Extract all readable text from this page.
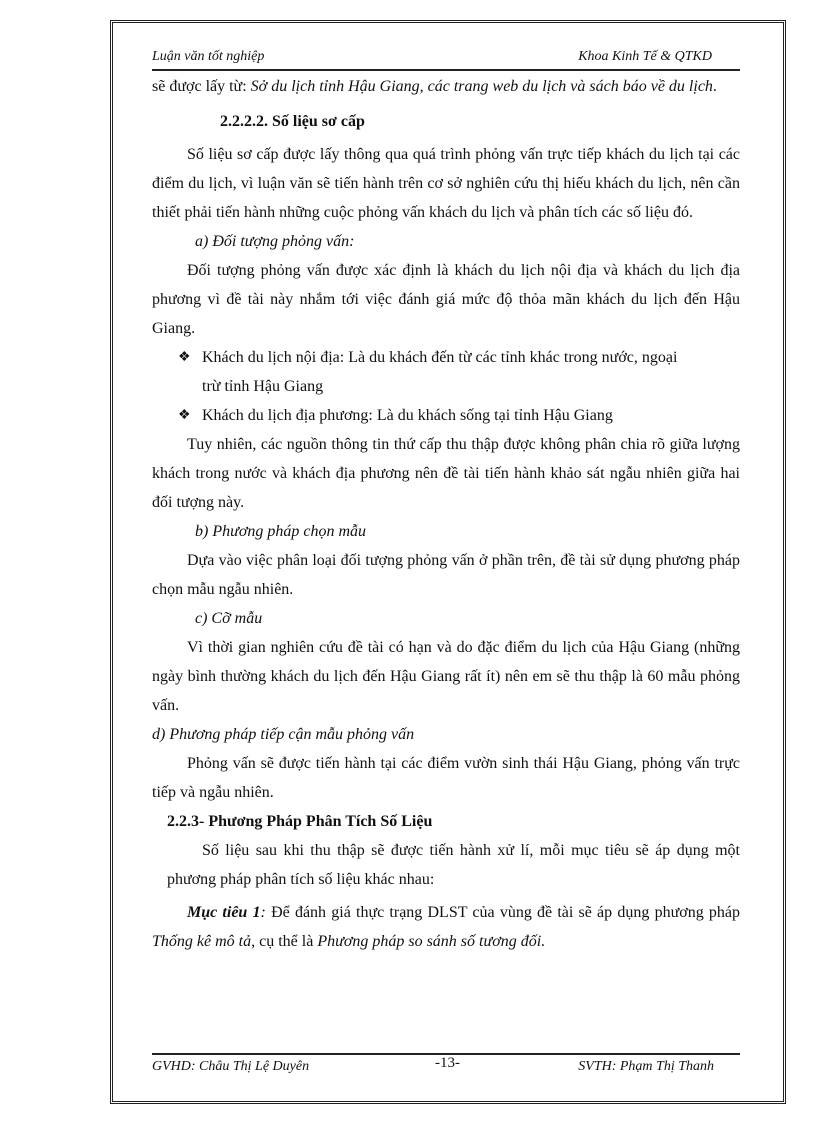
Luận văn tốt nghiệp	Khoa Kinh Tế & QTKD

sẽ được lấy từ: Sở du lịch tỉnh Hậu Giang, các trang web du lịch và sách báo về du lịch.

2.2.2.2. Số liệu sơ cấp

Số liệu sơ cấp được lấy thông qua quá trình phỏng vấn trực tiếp khách du lịch tại các điểm du lịch, vì luận văn sẽ tiến hành trên cơ sở nghiên cứu thị hiếu khách du lịch, nên cần thiết phải tiến hành những cuộc phỏng vấn khách du lịch và phân tích các số liệu đó.

a) Đối tượng phỏng vấn:

Đối tượng phỏng vấn được xác định là khách du lịch nội địa và khách du lịch địa phương vì đề tài này nhắm tới việc đánh giá mức độ thỏa mãn khách du lịch đến Hậu Giang.

❖ Khách du lịch nội địa: Là du khách đến từ các tỉnh khác trong nước, ngoại

trừ tỉnh Hậu Giang

❖ Khách du lịch địa phương: Là du khách sống tại tỉnh Hậu Giang

Tuy nhiên, các nguồn thông tin thứ cấp thu thập được không phân chia rõ giữa lượng khách trong nước và khách địa phương nên đề tài tiến hành khảo sát ngẫu nhiên giữa hai đối tượng này.

b) Phương pháp chọn mẫu

Dựa vào việc phân loại đối tượng phỏng vấn ở phần trên, đề tài sử dụng phương pháp chọn mẫu ngẫu nhiên.

c) Cỡ mẫu

Vì thời gian nghiên cứu đề tài có hạn và do đặc điểm du lịch của Hậu Giang (những ngày bình thường khách du lịch đến Hậu Giang rất ít) nên em sẽ thu thập là 60 mẫu phỏng vấn.

d) Phương pháp tiếp cận mẫu phỏng vấn

Phỏng vấn sẽ được tiến hành tại các điểm vườn sinh thái Hậu Giang, phỏng vấn trực tiếp và ngẫu nhiên.

2.2.3- Phương Pháp Phân Tích Số Liệu

Số liệu sau khi thu thập sẽ được tiến hành xử lí, mỗi mục tiêu sẽ áp dụng một phương pháp phân tích số liệu khác nhau:

Mục tiêu 1: Để đánh giá thực trạng DLST của vùng đề tài sẽ áp dụng phương pháp Thống kê mô tả, cụ thể là Phương pháp so sánh số tương đối.

GVHD: Châu Thị Lệ Duyên	-13-	SVTH: Phạm Thị Thanh
